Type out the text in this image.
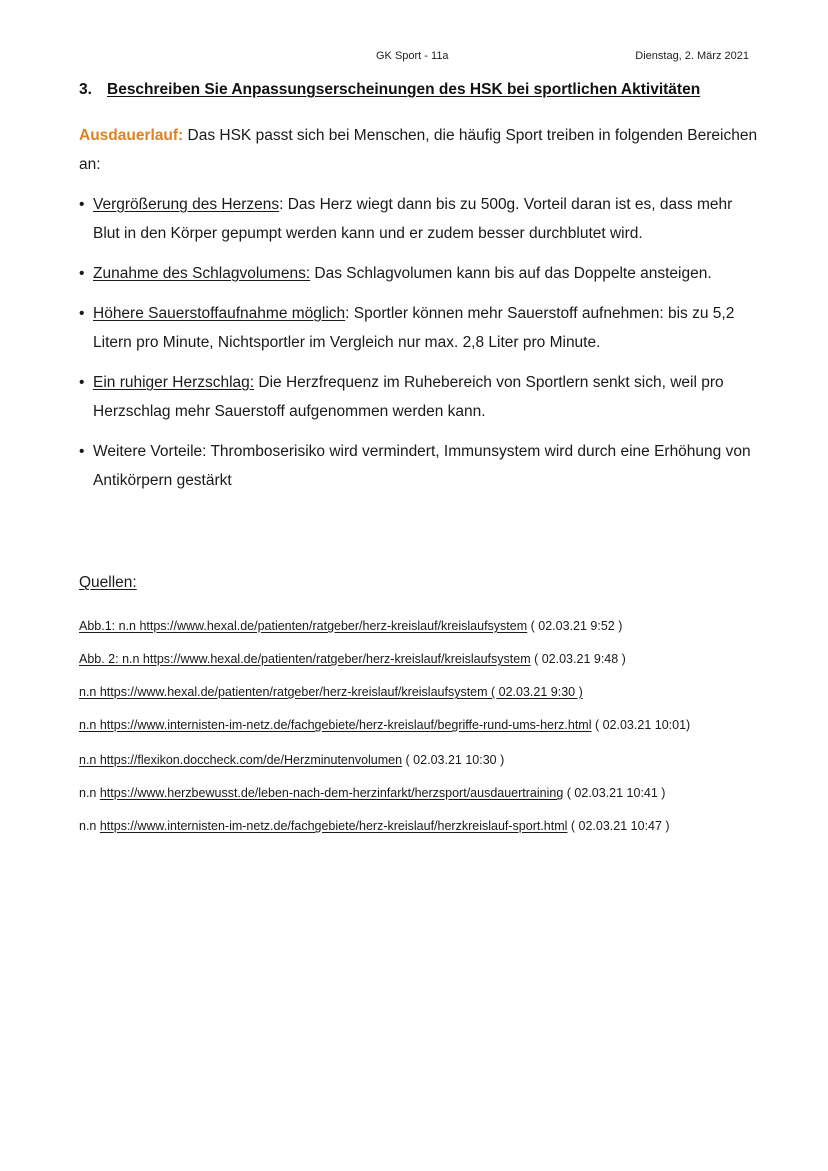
GK Sport - 11a	Dienstag, 2. März 2021
3. Beschreiben Sie Anpassungserscheinungen des HSK bei sportlichen Aktivitäten
Ausdauerlauf: Das HSK passt sich bei Menschen, die häufig Sport treiben in folgenden Bereichen an:
• Vergrößerung des Herzens: Das Herz wiegt dann bis zu 500g. Vorteil daran ist es, dass mehr Blut in den Körper gepumpt werden kann und er zudem besser durchblutet wird.
• Zunahme des Schlagvolumens: Das Schlagvolumen kann bis auf das Doppelte ansteigen.
• Höhere Sauerstoffaufnahme möglich: Sportler können mehr Sauerstoff aufnehmen: bis zu 5,2 Litern pro Minute, Nichtsportler im Vergleich nur max. 2,8 Liter pro Minute.
• Ein ruhiger Herzschlag: Die Herzfrequenz im Ruhebereich von Sportlern senkt sich, weil pro Herzschlag mehr Sauerstoff aufgenommen werden kann.
• Weitere Vorteile: Thromboserisiko wird vermindert, Immunsystem wird durch eine Erhöhung von Antikörpern gestärkt
Quellen:
Abb.1: n.n https://www.hexal.de/patienten/ratgeber/herz-kreislauf/kreislaufsystem ( 02.03.21 9:52 )
Abb. 2: n.n https://www.hexal.de/patienten/ratgeber/herz-kreislauf/kreislaufsystem ( 02.03.21 9:48 )
n.n https://www.hexal.de/patienten/ratgeber/herz-kreislauf/kreislaufsystem ( 02.03.21 9:30 )
n.n https://www.internisten-im-netz.de/fachgebiete/herz-kreislauf/begriffe-rund-ums-herz.html ( 02.03.21 10:01)
n.n https://flexikon.doccheck.com/de/Herzminutenvolumen ( 02.03.21 10:30 )
n.n https://www.herzbewusst.de/leben-nach-dem-herzinfarkt/herzsport/ausdauertraining ( 02.03.21 10:41 )
n.n https://www.internisten-im-netz.de/fachgebiete/herz-kreislauf/herzkreislauf-sport.html ( 02.03.21 10:47 )
